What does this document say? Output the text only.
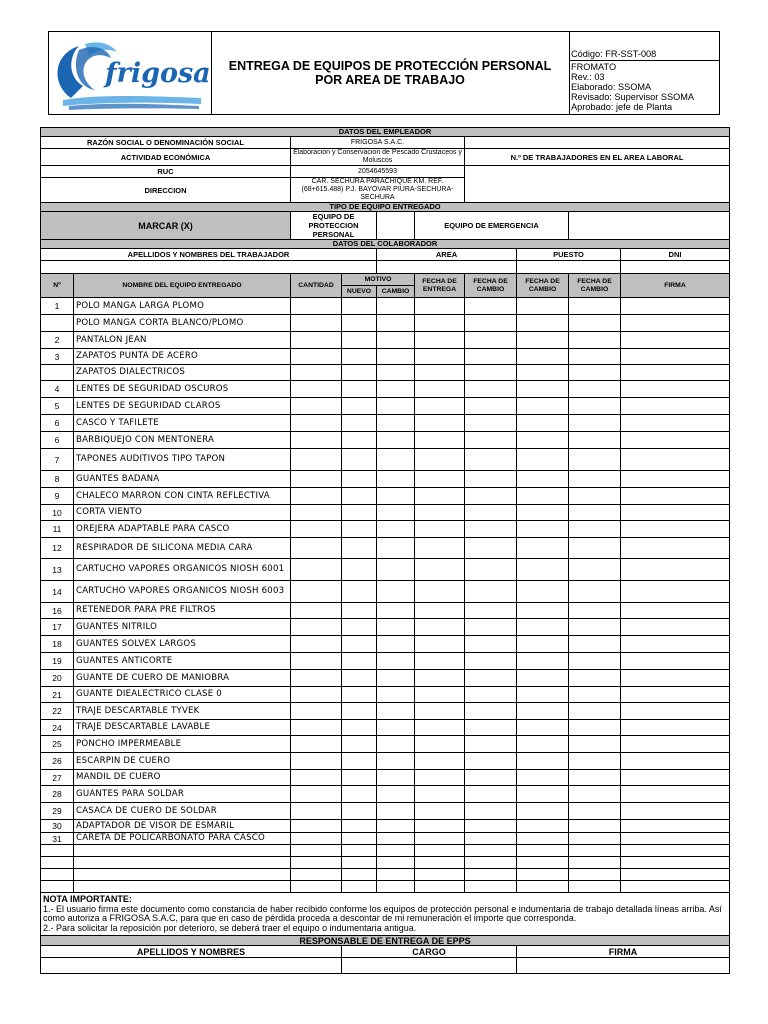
frigosa ENTREGA DE EQUIPOS DE PROTECCIÓN PERSONAL
POR AREA DE TRABAJO
Código: FR-SST-008
FROMATO
Rev.: 03
Elaborado: SSOMA
Revisado: Supervisor SSOMA
Aprobado: jefe de Planta
DATOS DEL EMPLEADOR									
RAZÓN SOCIAL O DENOMINACIÓN SOCIAL		FRIGOSA S.A.C.							
ACTIVIDAD ECONÓMICA		Elaboracion y Conservacion de Pescado Crustaceos y Moluscos				N.º DE TRABAJADORES EN EL AREA LABORAL			
RUC		2054645593							
DIRECCION		CAR. SECHURA PARACHIQUE KM. REF. (68+615.488) P.J. BAYOVAR PIURA-SECHURA-SECHURA							
TIPO DE EQUIPO ENTREGADO									
MARCAR (X)		EQUIPO DE PROTECCION PERSONAL			EQUIPO DE EMERGENCIA				
DATOS DEL COLABORADOR									
APELLIDOS Y NOMBRES DEL TRABAJADOR				AREA			PUESTO		DNI

Nº	NOMBRE DEL EQUIPO ENTREGADO	CANTIDAD	MOTIVO		FECHA DE ENTREGA	FECHA DE CAMBIO	FECHA DE CAMBIO	FECHA DE CAMBIO	FIRMA
			NUEVO	CAMBIO					
1	POLO MANGA LARGA PLOMO								
	POLO MANGA CORTA BLANCO/PLOMO								
2	PANTALON JEAN								
3	ZAPATOS PUNTA DE ACERO								
	ZAPATOS DIALECTRICOS								
4	LENTES DE SEGURIDAD OSCUROS								
5	LENTES DE SEGURIDAD CLAROS								
6	CASCO Y TAFILETE								
6	BARBIQUEJO CON MENTONERA								
7	TAPONES AUDITIVOS TIPO TAPON								
8	GUANTES BADANA								
9	CHALECO MARRON CON CINTA REFLECTIVA								
10	CORTA VIENTO								
11	OREJERA ADAPTABLE PARA CASCO								
12	RESPIRADOR DE SILICONA MEDIA CARA								
13	CARTUCHO VAPORES ORGANICOS NIOSH 6001								
14	CARTUCHO VAPORES ORGANICOS NIOSH 6003								
16	RETENEDOR PARA PRE FILTROS								
17	GUANTES NITRILO								
18	GUANTES SOLVEX LARGOS								
19	GUANTES ANTICORTE								
20	GUANTE DE CUERO DE MANIOBRA								
21	GUANTE DIEALECTRICO CLASE 0								
22	TRAJE DESCARTABLE TYVEK								
24	TRAJE DESCARTABLE LAVABLE								
25	PONCHO IMPERMEABLE								
26	ESCARPIN DE CUERO								
27	MANDIL DE CUERO								
28	GUANTES PARA SOLDAR								
29	CASACA DE CUERO DE SOLDAR								
30	ADAPTADOR DE VISOR DE ESMARIL								
31	CARETA DE POLICARBONATO PARA CASCO								

NOTA IMPORTANTE:
1.- El usuario firma este documento como constancia de haber recibido conforme los equipos de protección personal e indumentaria de trabajo detallada líneas arriba. Así como autoriza a FRIGOSA S.A.C, para que en caso de pérdida proceda a descontar de mi remuneración el importe que corresponda.
2.- Para solicitar la reposición por deterioro, se deberá traer el equipo o indumentaria antigua.									

RESPONSABLE DE ENTREGA DE EPPS									
APELLIDOS Y NOMBRES			CARGO				FIRMA		
